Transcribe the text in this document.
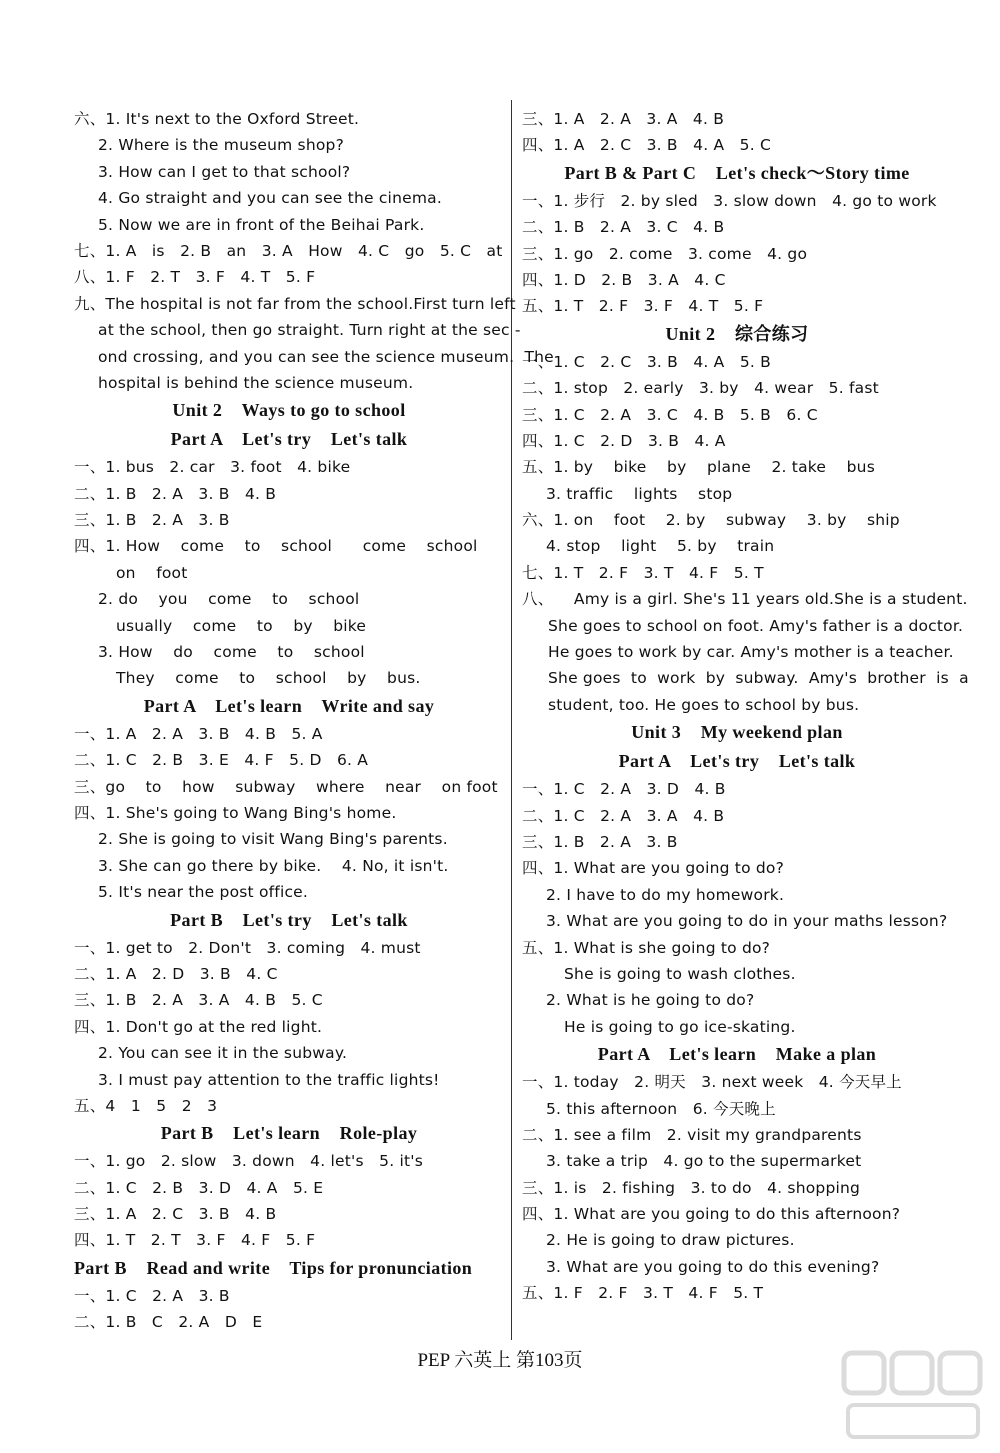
六、1. It's next to the Oxford Street.
2. Where is the museum shop?
3. How can I get to that school?
4. Go straight and you can see the cinema.
5. Now we are in front of the Beihai Park.
七、1. A   is   2. B   an   3. A   How   4. C   go   5. C   at
八、1. F   2. T   3. F   4. T   5. F
九、The hospital is not far from the school.First turn left
at the school, then go straight. Turn right at the sec -
ond crossing, and you can see the science museum.  The
hospital is behind the science museum.
Unit 2    Ways to go to school
Part A    Let's try    Let's talk
一、1. bus   2. car   3. foot   4. bike
二、1. B   2. A   3. B   4. B
三、1. B   2. A   3. B
四、1. How    come    to    school      come    school
on    foot
2. do    you    come    to    school
usually    come    to    by    bike
3. How    do    come    to    school
They    come    to    school    by    bus.
Part A    Let's learn    Write and say
一、1. A   2. A   3. B   4. B   5. A
二、1. C   2. B   3. E   4. F   5. D   6. A
三、go    to    how    subway    where    near    on foot
四、1. She's going to Wang Bing's home.
2. She is going to visit Wang Bing's parents.
3. She can go there by bike.    4. No, it isn't.
5. It's near the post office.
Part B    Let's try    Let's talk
一、1. get to   2. Don't   3. coming   4. must
二、1. A   2. D   3. B   4. C
三、1. B   2. A   3. A   4. B   5. C
四、1. Don't go at the red light.
2. You can see it in the subway.
3. I must pay attention to the traffic lights!
五、4   1   5   2   3
Part B    Let's learn    Role-play
一、1. go   2. slow   3. down   4. let's   5. it's
二、1. C   2. B   3. D   4. A   5. E
三、1. A   2. C   3. B   4. B
四、1. T   2. T   3. F   4. F   5. F
Part B    Read and write    Tips for pronunciation
一、1. C   2. A   3. B
二、1. B   C   2. A   D   E
三、1. A   2. A   3. A   4. B
四、1. A   2. C   3. B   4. A   5. C
Part B & Part C    Let's check～Story time
一、1. 步行   2. by sled   3. slow down   4. go to work
二、1. B   2. A   3. C   4. B
三、1. go   2. come   3. come   4. go
四、1. D   2. B   3. A   4. C
五、1. T   2. F   3. F   4. T   5. F
Unit 2    综合练习
一、1. C   2. C   3. B   4. A   5. B
二、1. stop   2. early   3. by   4. wear   5. fast
三、1. C   2. A   3. C   4. B   5. B   6. C
四、1. C   2. D   3. B   4. A
五、1. by    bike    by    plane    2. take    bus
3. traffic    lights    stop
六、1. on    foot    2. by    subway    3. by    ship
4. stop    light    5. by    train
七、1. T   2. F   3. T   4. F   5. T
八、    Amy is a girl. She's 11 years old.She is a student.
She goes to school on foot. Amy's father is a doctor.
He goes to work by car. Amy's mother is a teacher.
She goes  to  work  by  subway.  Amy's  brother  is  a
student, too. He goes to school by bus.
Unit 3    My weekend plan
Part A    Let's try    Let's talk
一、1. C   2. A   3. D   4. B
二、1. C   2. A   3. A   4. B
三、1. B   2. A   3. B
四、1. What are you going to do?
2. I have to do my homework.
3. What are you going to do in your maths lesson?
五、1. What is she going to do?
She is going to wash clothes.
2. What is he going to do?
He is going to go ice-skating.
Part A    Let's learn    Make a plan
一、1. today   2. 明天   3. next week   4. 今天早上
5. this afternoon   6. 今天晚上
二、1. see a film   2. visit my grandparents
3. take a trip   4. go to the supermarket
三、1. is   2. fishing   3. to do   4. shopping
四、1. What are you going to do this afternoon?
2. He is going to draw pictures.
3. What are you going to do this evening?
五、1. F   2. F   3. T   4. F   5. T
PEP 六英上 第103页
